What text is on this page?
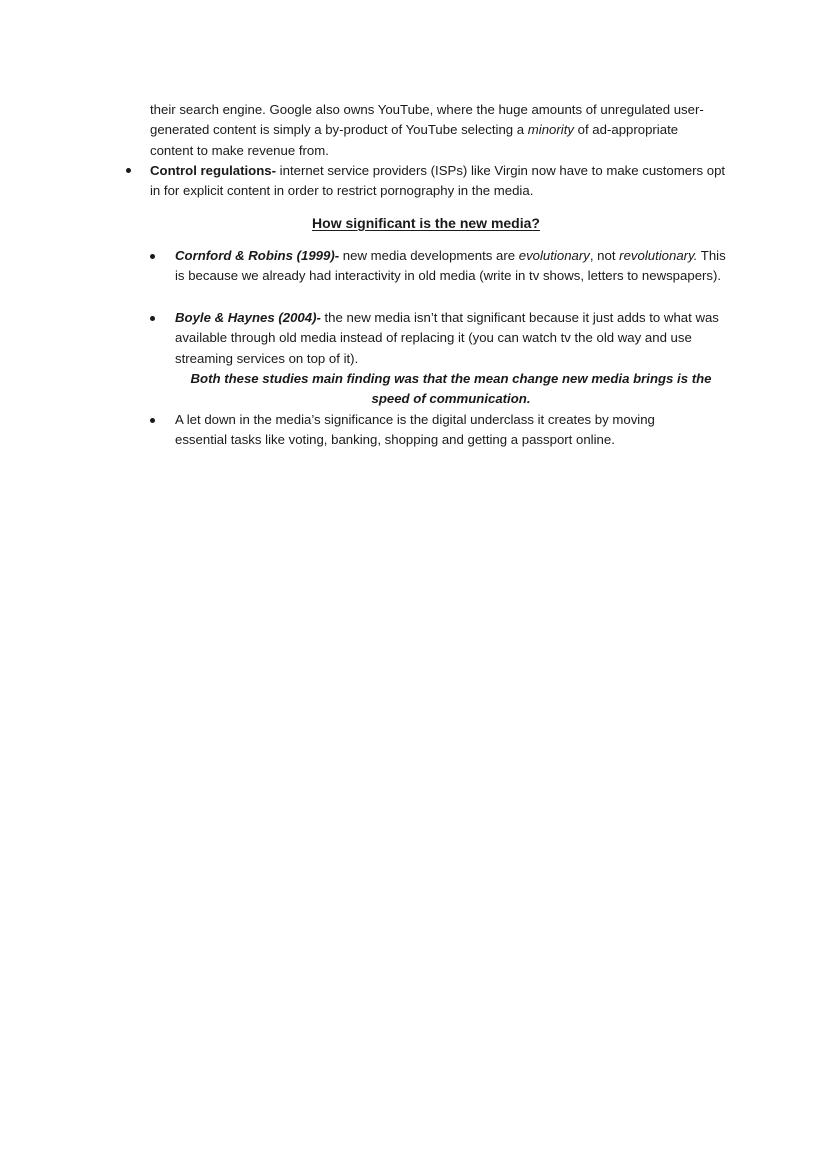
their search engine. Google also owns YouTube, where the huge amounts of unregulated user-generated content is simply a by-product of YouTube selecting a minority of ad-appropriate content to make revenue from.
Control regulations- internet service providers (ISPs) like Virgin now have to make customers opt in for explicit content in order to restrict pornography in the media.
How significant is the new media?
Cornford & Robins (1999)- new media developments are evolutionary, not revolutionary. This is because we already had interactivity in old media (write in tv shows, letters to newspapers).
Boyle & Haynes (2004)- the new media isn’t that significant because it just adds to what was available through old media instead of replacing it (you can watch tv the old way and use streaming services on top of it).
Both these studies main finding was that the mean change new media brings is the
speed of communication.
A let down in the media’s significance is the digital underclass it creates by moving essential tasks like voting, banking, shopping and getting a passport online.
